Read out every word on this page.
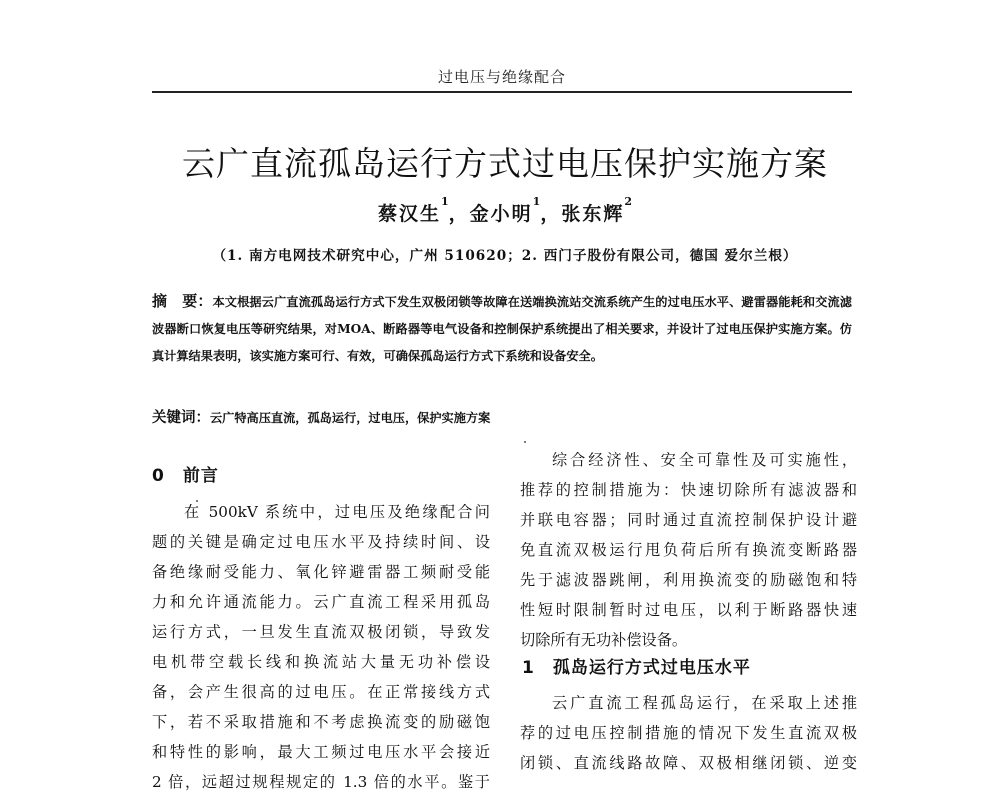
过电压与绝缘配合
云广直流孤岛运行方式过电压保护实施方案
蔡汉生$^1$，金小明$^1$，张东辉$^2$
（1. 南方电网技术研究中心，广州 510620；2. 西门子股份有限公司，德国 爱尔兰根）
摘　要：本文根据云广直流孤岛运行方式下发生双极闭锁等故障在送端换流站交流系统产生的过电压水平、避雷器能耗和交流滤波器断口恢复电压等研究结果，对MOA、断路器等电气设备和控制保护系统提出了相关要求，并设计了过电压保护实施方案。仿真计算结果表明，该实施方案可行、有效，可确保孤岛运行方式下系统和设备安全。
关键词：云广特高压直流，孤岛运行，过电压，保护实施方案
0　前言

在 500kV 系统中，过电压及绝缘配合问

题的关键是确定过电压水平及持续时间、设

备绝缘耐受能力、氧化锌避雷器工频耐受能

力和允许通流能力。云广直流工程采用孤岛

运行方式，一旦发生直流双极闭锁，导致发

电机带空载长线和换流站大量无功补偿设

备，会产生很高的过电压。在正常接线方式

下，若不采取措施和不考虑换流变的励磁饱

和特性的影响，最大工频过电压水平会接近

2 倍，远超过规程规定的 1.3 倍的水平。鉴于

综合经济性、安全可靠性及可实施性，

推荐的控制措施为：快速切除所有滤波器和

并联电容器；同时通过直流控制保护设计避

免直流双极运行甩负荷后所有换流变断路器

先于滤波器跳闸，利用换流变的励磁饱和特

性短时限制暂时过电压，以利于断路器快速

切除所有无功补偿设备。

1　孤岛运行方式过电压水平

云广直流工程孤岛运行，在采取上述推

荐的过电压控制措施的情况下发生直流双极

闭锁、直流线路故障、双极相继闭锁、逆变
